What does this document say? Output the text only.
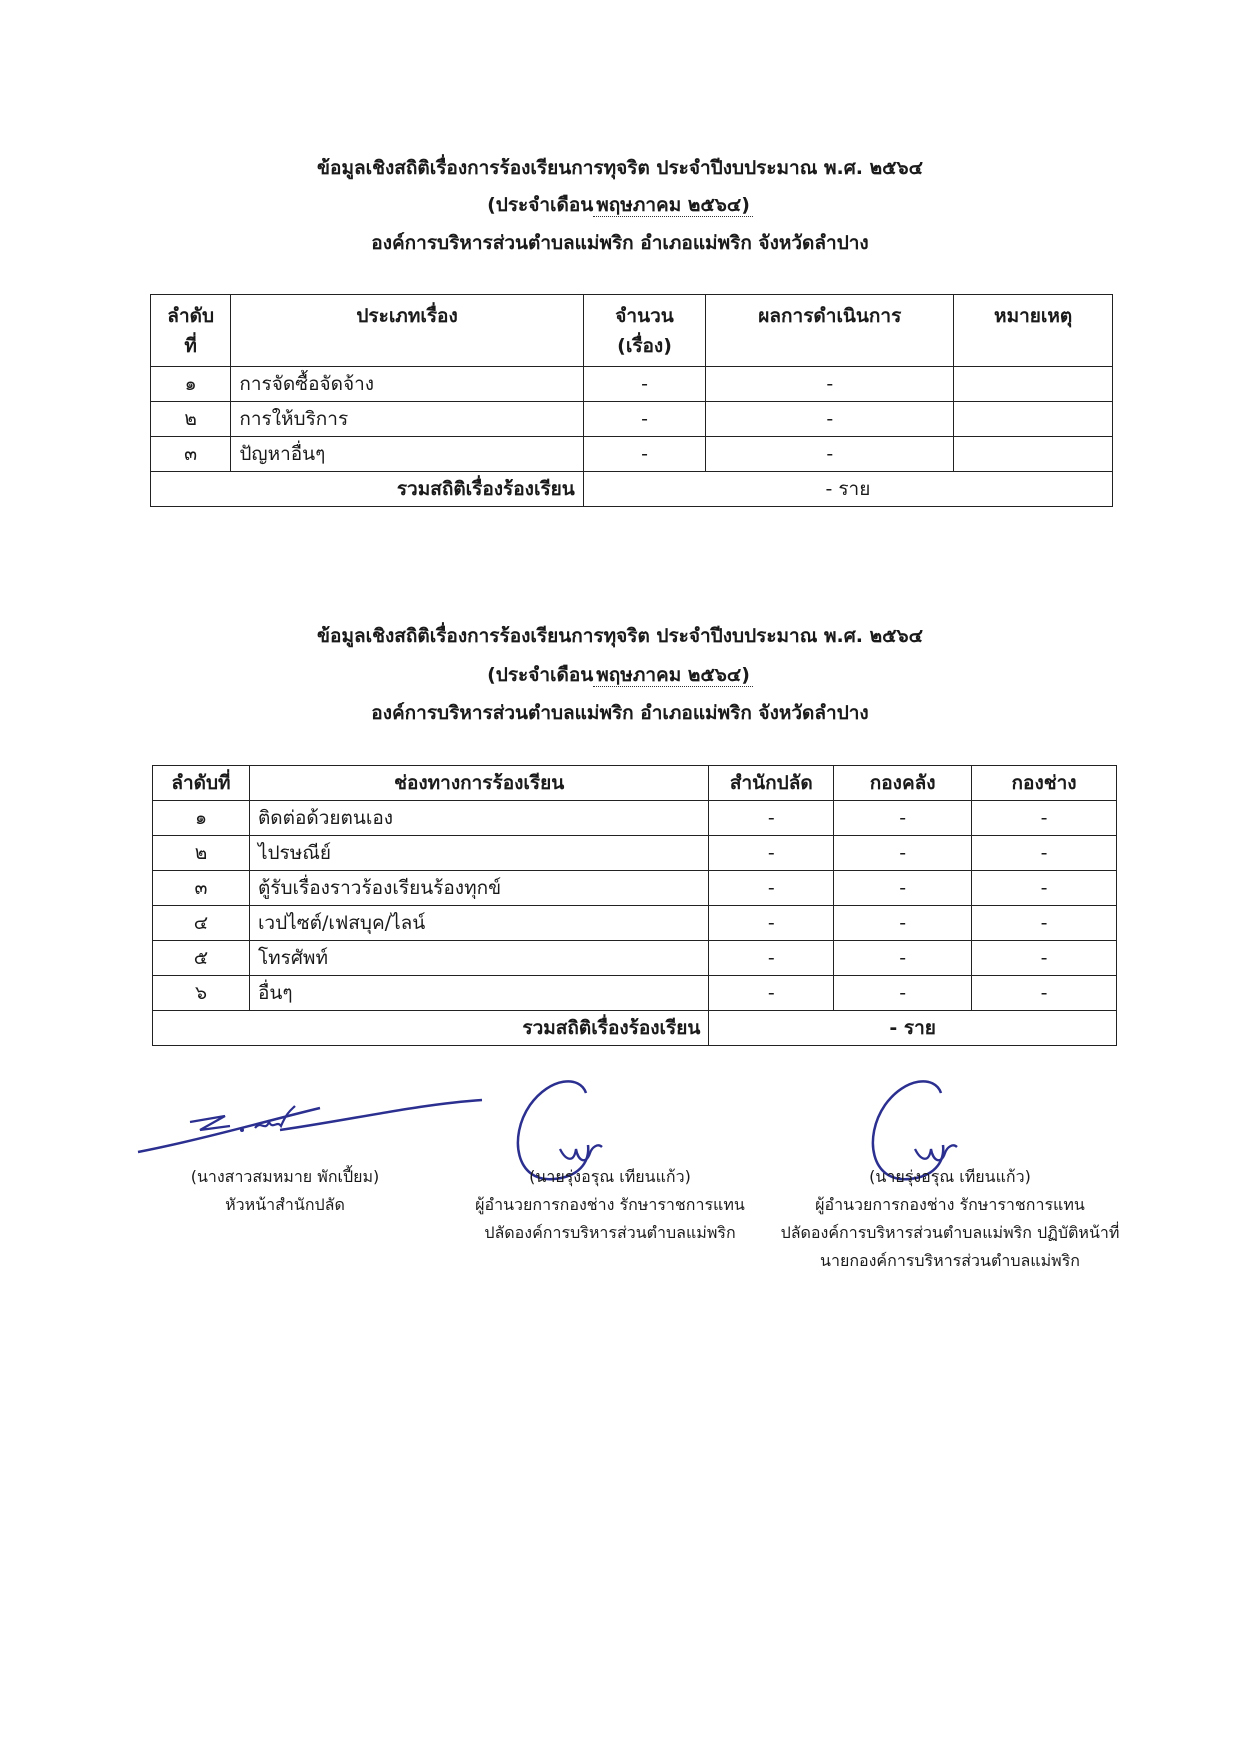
ข้อมูลเชิงสถิติเรื่องการร้องเรียนการทุจริต ประจำปีงบประมาณ พ.ศ. ๒๕๖๔
(ประจำเดือน พฤษภาคม ๒๕๖๔)
องค์การบริหารส่วนตำบลแม่พริก อำเภอแม่พริก จังหวัดลำปาง
ลำดับ ที่	ประเภทเรื่อง	จำนวน (เรื่อง)	ผลการดำเนินการ	หมายเหตุ
๑	การจัดซื้อจัดจ้าง	-	-	
๒	การให้บริการ	-	-	
๓	ปัญหาอื่นๆ	-	-	
รวมสถิติเรื่องร้องเรียน		- ราย		
ข้อมูลเชิงสถิติเรื่องการร้องเรียนการทุจริต ประจำปีงบประมาณ พ.ศ. ๒๕๖๔
(ประจำเดือน พฤษภาคม ๒๕๖๔)
องค์การบริหารส่วนตำบลแม่พริก อำเภอแม่พริก จังหวัดลำปาง
ลำดับที่	ช่องทางการร้องเรียน	สำนักปลัด	กองคลัง	กองช่าง
๑	ติดต่อด้วยตนเอง	-	-	-
๒	ไปรษณีย์	-	-	-
๓	ตู้รับเรื่องราวร้องเรียนร้องทุกข์	-	-	-
๔	เวปไซต์/เฟสบุค/ไลน์	-	-	-
๕	โทรศัพท์	-	-	-
๖	อื่นๆ	-	-	-
รวมสถิติเรื่องร้องเรียน		- ราย		
(นางสาวสมหมาย พักเปี้ยม)
หัวหน้าสำนักปลัด
(นายรุ่งอรุณ เทียนแก้ว)
ผู้อำนวยการกองช่าง รักษาราชการแทน
ปลัดองค์การบริหารส่วนตำบลแม่พริก
(นายรุ่งอรุณ เทียนแก้ว)
ผู้อำนวยการกองช่าง รักษาราชการแทน
ปลัดองค์การบริหารส่วนตำบลแม่พริก ปฏิบัติหน้าที่
นายกองค์การบริหารส่วนตำบลแม่พริก
